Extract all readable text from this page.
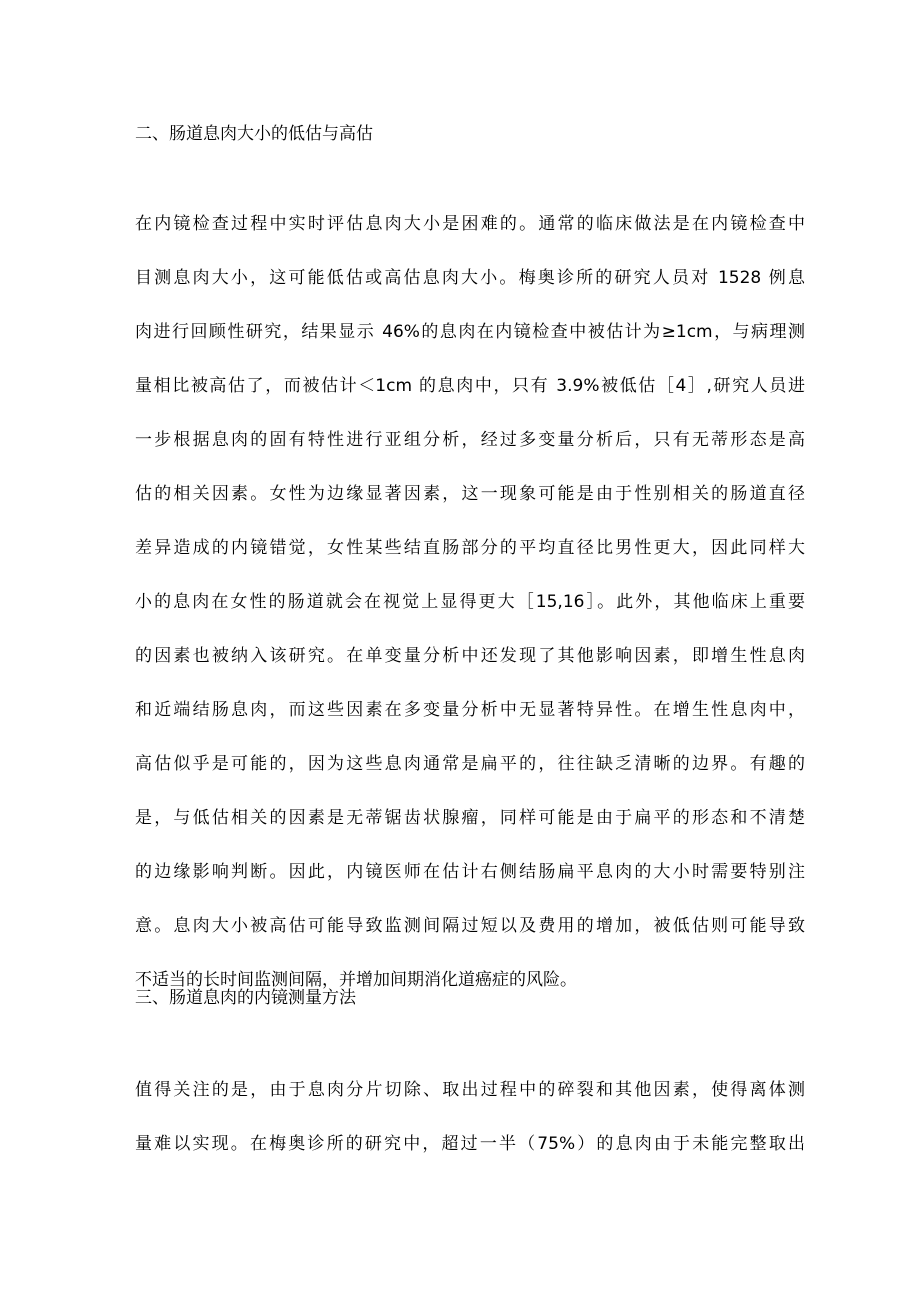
二、肠道息肉大小的低估与高估
在内镜检查过程中实时评估息肉大小是困难的。通常的临床做法是在内镜检查中
目测息肉大小，这可能低估或高估息肉大小。梅奥诊所的研究人员对 1528 例息
肉进行回顾性研究，结果显示 46%的息肉在内镜检查中被估计为≥1cm，与病理测
量相比被高估了，而被估计＜1cm 的息肉中，只有 3.9%被低估［4］,研究人员进
一步根据息肉的固有特性进行亚组分析，经过多变量分析后，只有无蒂形态是高
估的相关因素。女性为边缘显著因素，这一现象可能是由于性别相关的肠道直径
差异造成的内镜错觉，女性某些结直肠部分的平均直径比男性更大，因此同样大
小的息肉在女性的肠道就会在视觉上显得更大［15,16］。此外，其他临床上重要
的因素也被纳入该研究。在单变量分析中还发现了其他影响因素，即增生性息肉
和近端结肠息肉，而这些因素在多变量分析中无显著特异性。在增生性息肉中，
高估似乎是可能的，因为这些息肉通常是扁平的，往往缺乏清晰的边界。有趣的
是，与低估相关的因素是无蒂锯齿状腺瘤，同样可能是由于扁平的形态和不清楚
的边缘影响判断。因此，内镜医师在估计右侧结肠扁平息肉的大小时需要特别注
意。息肉大小被高估可能导致监测间隔过短以及费用的增加，被低估则可能导致
不适当的长时间监测间隔，并增加间期消化道癌症的风险。
三、肠道息肉的内镜测量方法
值得关注的是，由于息肉分片切除、取出过程中的碎裂和其他因素，使得离体测
量难以实现。在梅奥诊所的研究中，超过一半（75%）的息肉由于未能完整取出
